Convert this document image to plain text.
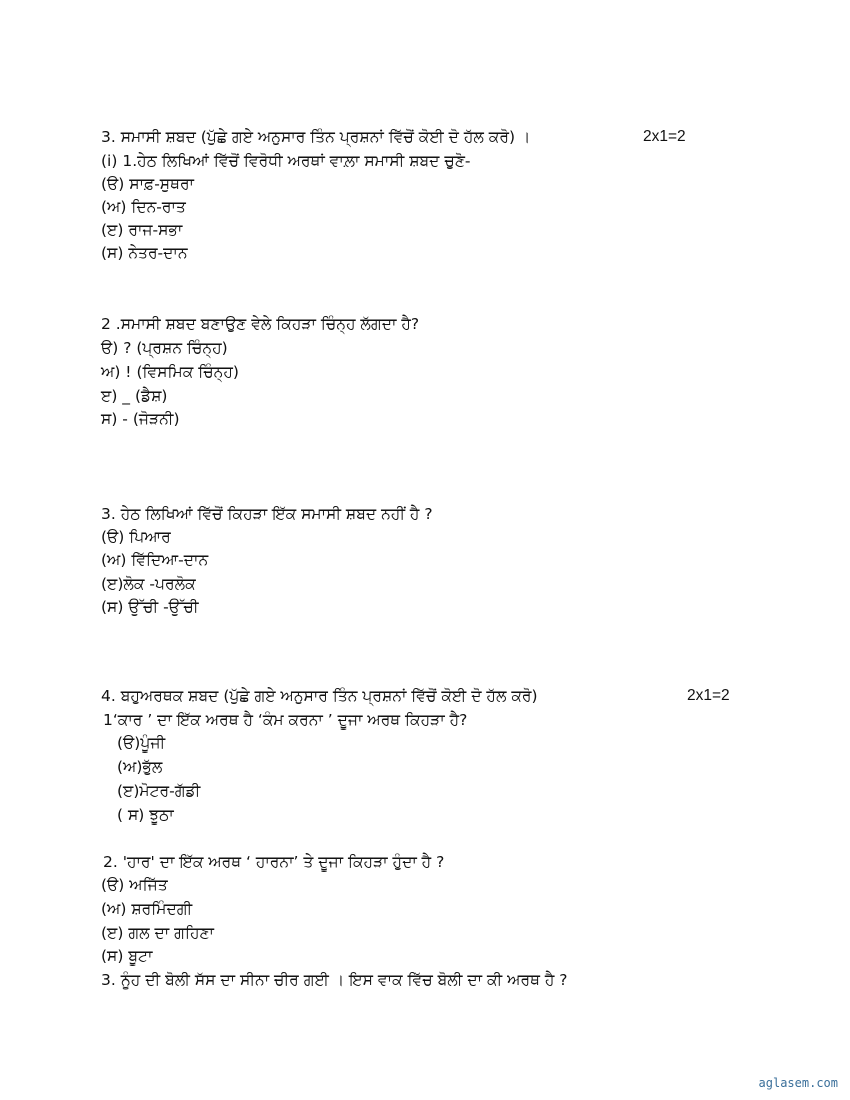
3. ਸਮਾਸੀ ਸ਼ਬਦ (ਪੁੱਛੇ ਗਏ ਅਨੁਸਾਰ ਤਿੰਨ ਪ੍ਰਸ਼ਨਾਂ ਵਿੱਚੋਂ ਕੋਈ ਦੋ ਹੱਲ ਕਰੋ) ।	2x1=2
(i) 1.ਹੇਠ ਲਿਖਿਆਂ ਵਿੱਚੋਂ ਵਿਰੋਧੀ ਅਰਥਾਂ ਵਾਲ਼ਾ ਸਮਾਸੀ ਸ਼ਬਦ ਚੁਣੋ-
(ੳ) ਸਾਫ਼-ਸੁਥਰਾ
(ਅ) ਦਿਨ-ਰਾਤ
(ੲ) ਰਾਜ-ਸਭਾ
(ਸ) ਨੇਤਰ-ਦਾਨ
2 .ਸਮਾਸੀ ਸ਼ਬਦ ਬਣਾਉਣ ਵੇਲੇ ਕਿਹੜਾ ਚਿੰਨ੍ਹ ਲੱਗਦਾ ਹੈ?
ੳ) ? (ਪ੍ਰਸ਼ਨ ਚਿੰਨ੍ਹ)
ਅ) ! (ਵਿਸਮਿਕ ਚਿੰਨ੍ਹ)
ੲ) _ (ਡੈਸ਼)
ਸ) - (ਜੋੜਨੀ)
3. ਹੇਠ ਲਿਖਿਆਂ ਵਿੱਚੋਂ ਕਿਹੜਾ ਇੱਕ ਸਮਾਸੀ ਸ਼ਬਦ ਨਹੀਂ ਹੈ ?
(ੳ) ਪਿਆਰ
(ਅ) ਵਿੱਦਿਆ-ਦਾਨ
(ੲ)ਲੋਕ -ਪਰਲੋਕ
(ਸ) ਉੱਚੀ -ਉੱਚੀ
4. ਬਹੁਅਰਥਕ ਸ਼ਬਦ (ਪੁੱਛੇ ਗਏ ਅਨੁਸਾਰ ਤਿੰਨ ਪ੍ਰਸ਼ਨਾਂ ਵਿੱਚੋਂ ਕੋਈ ਦੋ ਹੱਲ ਕਰੋ)	2x1=2
1‘ਕਾਰ ’ ਦਾ ਇੱਕ ਅਰਥ ਹੈ ‘ਕੰਮ ਕਰਨਾ ’ ਦੂਜਾ ਅਰਥ ਕਿਹੜਾ ਹੈ?
(ੳ)ਪੂੰਜੀ
(ਅ)ਭੁੱਲ
(ੲ)ਮੋਟਰ-ਗੱਡੀ
( ਸ) ਝੂਠਾ
2. 'ਹਾਰ' ਦਾ ਇੱਕ ਅਰਥ ‘ ਹਾਰਨਾ’ ਤੇ ਦੂਜਾ ਕਿਹੜਾ ਹੁੰਦਾ ਹੈ ?
(ੳ) ਅਜਿੱਤ
(ਅ) ਸ਼ਰਮਿੰਦਗੀ
(ੲ) ਗਲ ਦਾ ਗਹਿਣਾ
(ਸ) ਬੂਟਾ
3. ਨੂੰਹ ਦੀ ਬੋਲੀ ਸੱਸ ਦਾ ਸੀਨਾ ਚੀਰ ਗਈ । ਇਸ ਵਾਕ ਵਿੱਚ ਬੋਲੀ ਦਾ ਕੀ ਅਰਥ ਹੈ ?
aglasem.com
